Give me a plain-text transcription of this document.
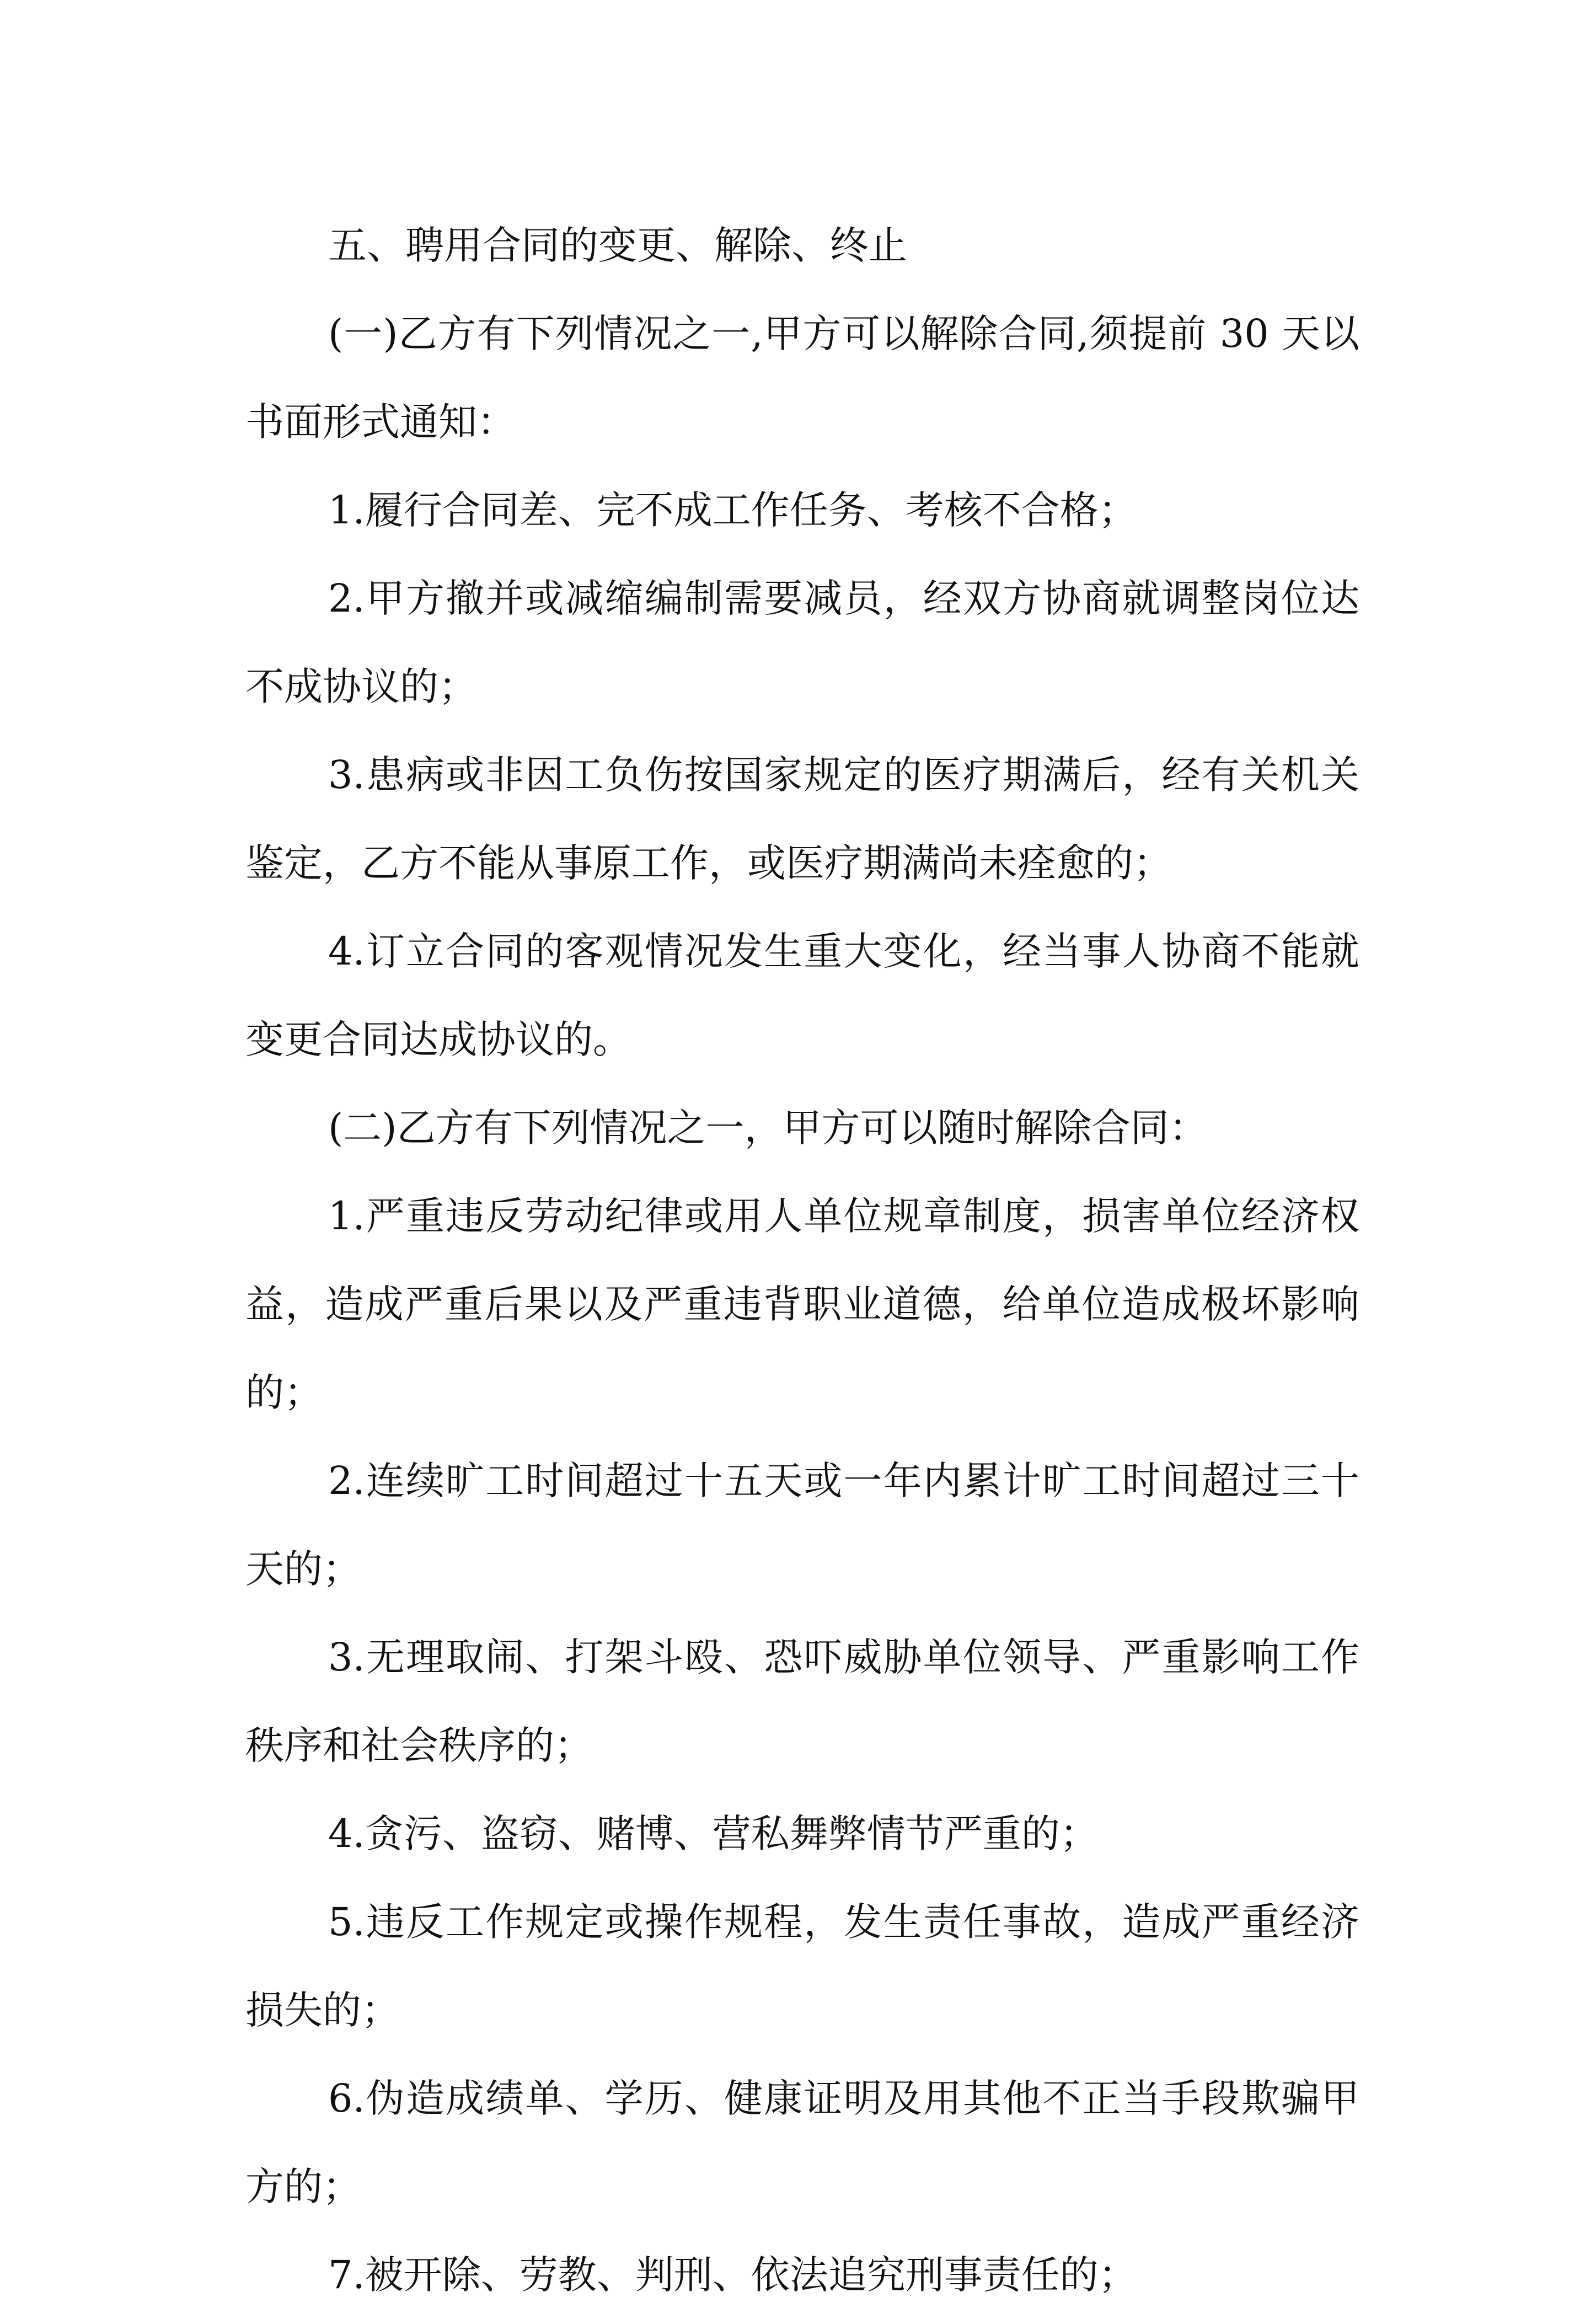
五、聘用合同的变更、解除、终止

(一)乙方有下列情况之一,甲方可以解除合同,须提前 30 天以书面形式通知：

1.履行合同差、完不成工作任务、考核不合格；

2.甲方撤并或减缩编制需要减员，经双方协商就调整岗位达不成协议的；

3.患病或非因工负伤按国家规定的医疗期满后，经有关机关鉴定，乙方不能从事原工作，或医疗期满尚未痊愈的；

4.订立合同的客观情况发生重大变化，经当事人协商不能就变更合同达成协议的。

(二)乙方有下列情况之一，甲方可以随时解除合同：

1.严重违反劳动纪律或用人单位规章制度，损害单位经济权益，造成严重后果以及严重违背职业道德，给单位造成极坏影响的；

2.连续旷工时间超过十五天或一年内累计旷工时间超过三十天的；

3.无理取闹、打架斗殴、恐吓威胁单位领导、严重影响工作秩序和社会秩序的；

4.贪污、盗窃、赌博、营私舞弊情节严重的；

5.违反工作规定或操作规程，发生责任事故，造成严重经济损失的；

6.伪造成绩单、学历、健康证明及用其他不正当手段欺骗甲方的；

7.被开除、劳教、判刑、依法追究刑事责任的；
